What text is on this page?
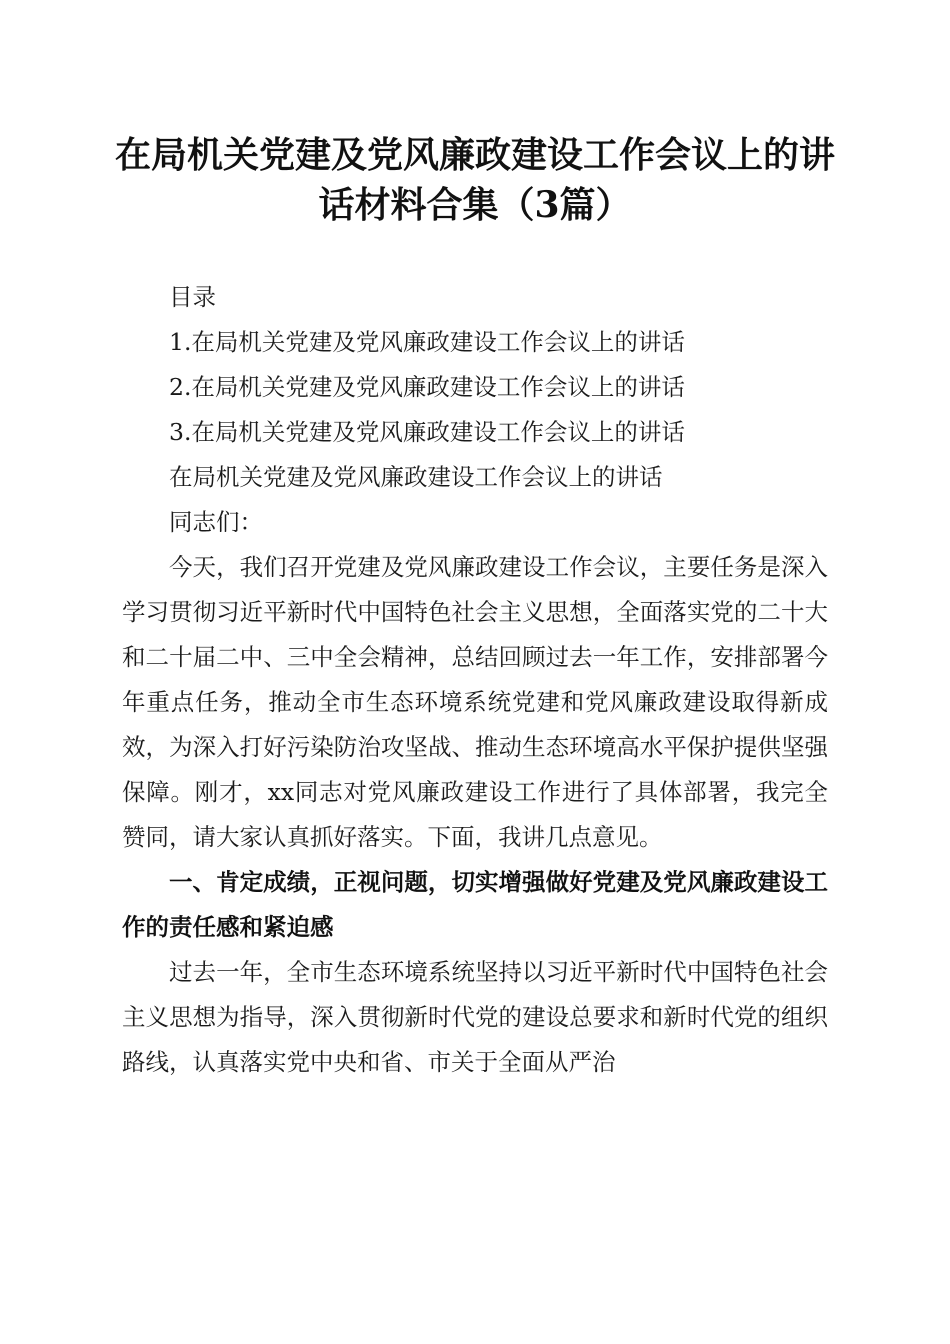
在局机关党建及党风廉政建设工作会议上的讲
话材料合集（3篇）

目录

1.在局机关党建及党风廉政建设工作会议上的讲话

2.在局机关党建及党风廉政建设工作会议上的讲话

3.在局机关党建及党风廉政建设工作会议上的讲话

在局机关党建及党风廉政建设工作会议上的讲话

同志们：

今天，我们召开党建及党风廉政建设工作会议，主要任务是深入学习贯彻习近平新时代中国特色社会主义思想，全面落实党的二十大和二十届二中、三中全会精神，总结回顾过去一年工作，安排部署今年重点任务，推动全市生态环境系统党建和党风廉政建设取得新成效，为深入打好污染防治攻坚战、推动生态环境高水平保护提供坚强保障。刚才，xx同志对党风廉政建设工作进行了具体部署，我完全赞同，请大家认真抓好落实。下面，我讲几点意见。

一、肯定成绩，正视问题，切实增强做好党建及党风廉政建设工作的责任感和紧迫感

过去一年，全市生态环境系统坚持以习近平新时代中国特色社会主义思想为指导，深入贯彻新时代党的建设总要求和新时代党的组织路线，认真落实党中央和省、市关于全面从严治
